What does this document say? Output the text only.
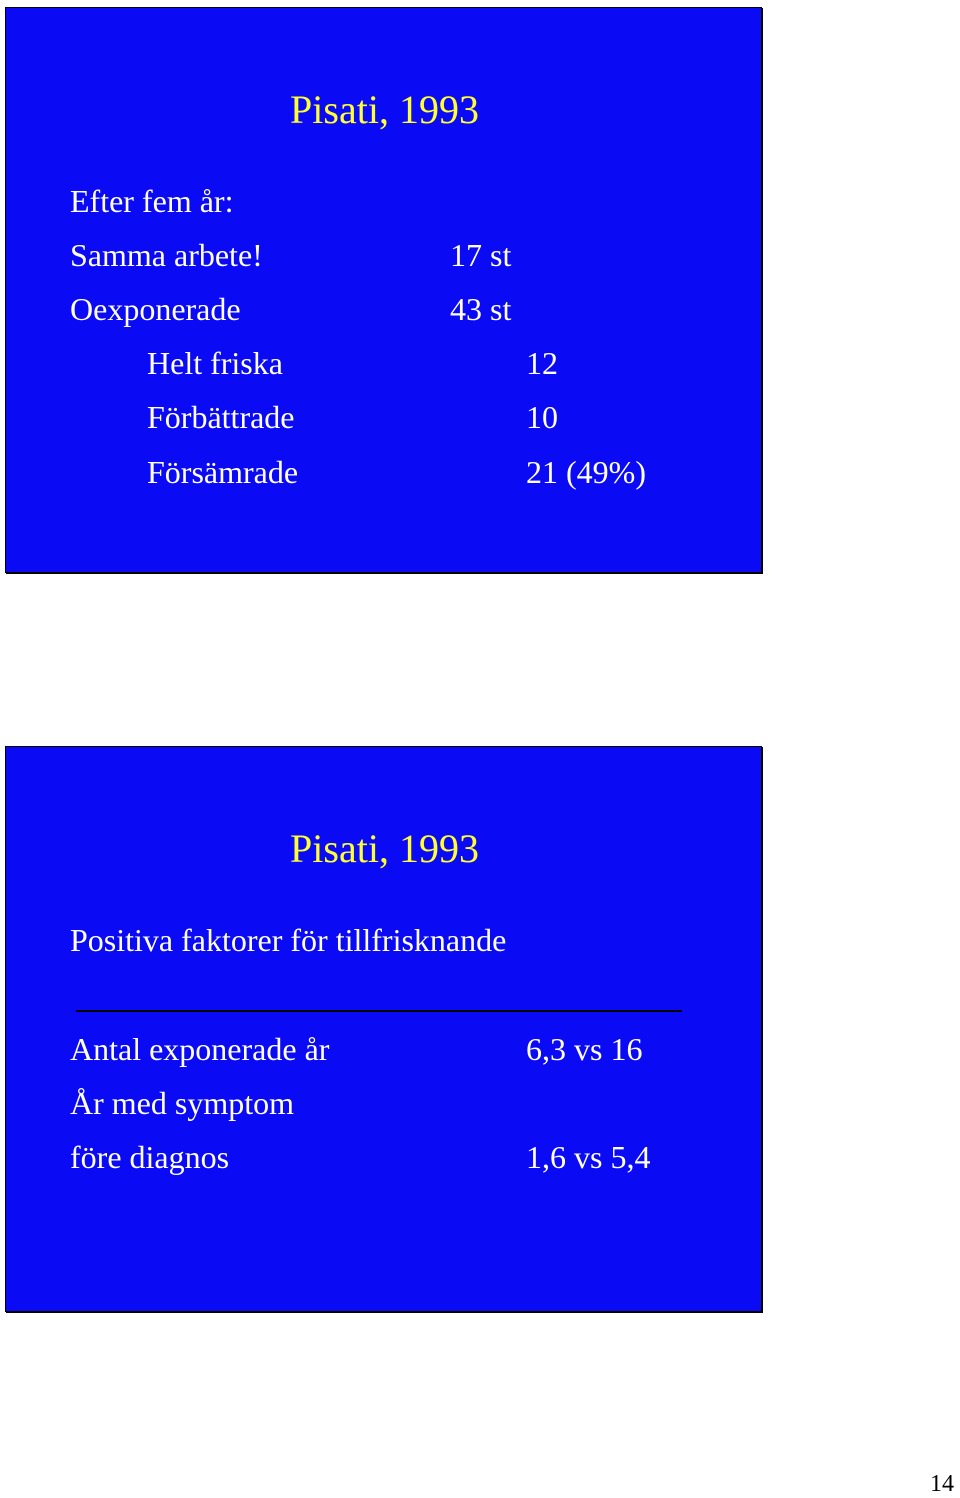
Pisati, 1993
Efter fem år:
Samma arbete!	17 st
Oexponerade	43 st
Helt friska	12
Förbättrade	10
Försämrade	21 (49%)
Pisati, 1993
Positiva faktorer för tillfrisknande
Antal exponerade år	6,3 vs 16
År med symptom
före diagnos	1,6 vs 5,4
14
